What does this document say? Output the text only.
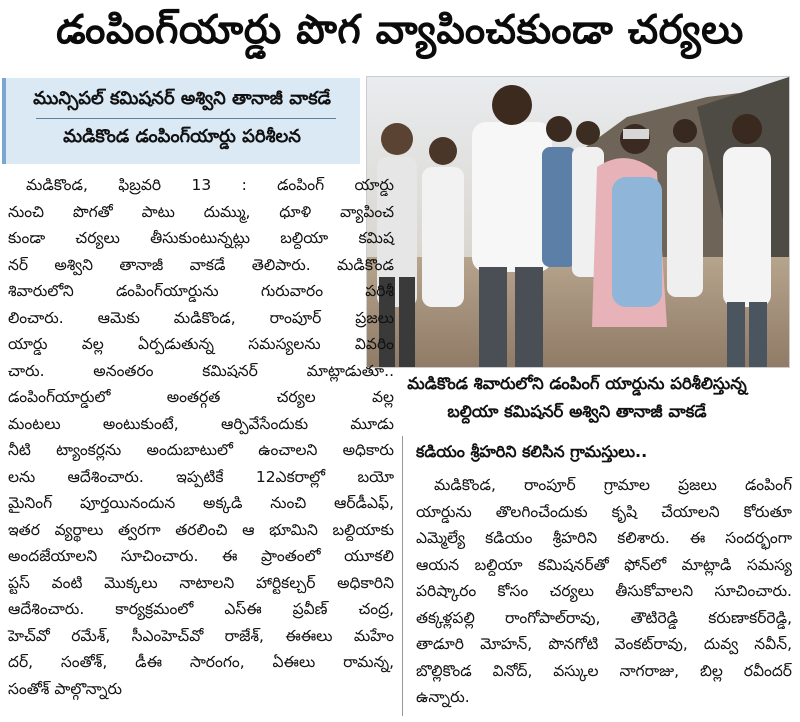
డంపింగ్‌యార్డు పొగ వ్యాపించకుండా చర్యలు
మున్సిపల్ కమిషనర్ అశ్విని తానాజీ వాకడే
మడికొండ డంపింగ్‌యార్డు పరిశీలన
మడికొండ శివారులోని డంపింగ్ యార్డును పరిశీలిస్తున్న
బల్దియా కమిషనర్ అశ్విని తానాజీ వాకడే
మడికొండ, ఫిబ్రవరి 13 : డంపింగ్ యార్డు
నుంచి పొగతో పాటు దుమ్ము, ధూళి వ్యాపించ
కుండా చర్యలు తీసుకుంటున్నట్లు బల్దియా కమిష
నర్ అశ్విని తానాజీ వాకడే తెలిపారు. మడికొండ
శివారులోని డంపింగ్‌యార్డును గురువారం పరిశీ
లించారు. ఆమెకు మడికొండ, రాంపూర్ ప్రజలు
యార్డు వల్ల ఏర్పడుతున్న సమస్యలను వివరిం
చారు. అనంతరం కమిషనర్ మాట్లాడుతూ..
డంపింగ్‌యార్డులో అంతర్గత చర్యల వల్ల
మంటలు అంటుకుంటే, ఆర్పివేసేందుకు మూడు
నీటి ట్యాంకర్లను అందుబాటులో ఉంచాలని అధికారు
లను ఆదేశించారు. ఇప్పటికే 12ఎకరాల్లో బయో
మైనింగ్ పూర్తయినందున అక్కడి నుంచి ఆర్‌డీఎఫ్,
ఇతర వ్యర్థాలు త్వరగా తరలించి ఆ భూమిని బల్దియాకు
అందజేయాలని సూచించారు. ఈ ప్రాంతంలో యూకలి
ప్టస్ వంటి మొక్కలు నాటాలని హార్టికల్చర్ అధికారిని
ఆదేశించారు. కార్యక్రమంలో ఎస్ఈ ప్రవీణ్ చంద్ర,
హెచ్‌వో రమేశ్, సీఎంహెచ్‌వో రాజేశ్, ఈఈలు మహేం
దర్, సంతోశ్, డీఈ సారంగం, ఏఈలు రామన్న,
సంతోశ్ పాల్గొన్నారు
కడియం శ్రీహరిని కలిసిన గ్రామస్తులు..
మడికొండ, రాంపూర్ గ్రామాల ప్రజలు డంపింగ్
యార్డును తొలగించేందుకు కృషి చేయాలని కోరుతూ
ఎమ్మెల్యే కడియం శ్రీహరిని కలిశారు. ఈ సందర్భంగా
ఆయన బల్దియా కమిషనర్‌తో ఫోన్‌లో మాట్లాడి సమస్య
పరిష్కారం కోసం చర్యలు తీసుకోవాలని సూచించారు.
తక్కళ్లపల్లి రాంగోపాల్‌రావు, తౌటిరెడ్డి కరుణాకర్‌రెడ్డి,
తాడూరి మోహన్, పొనగోటి వెంకట్‌రావు, దువ్వ నవీన్,
బొల్లికొండ వినోద్, వస్కుల నాగరాజు, బిల్ల రవీందర్
ఉన్నారు.
